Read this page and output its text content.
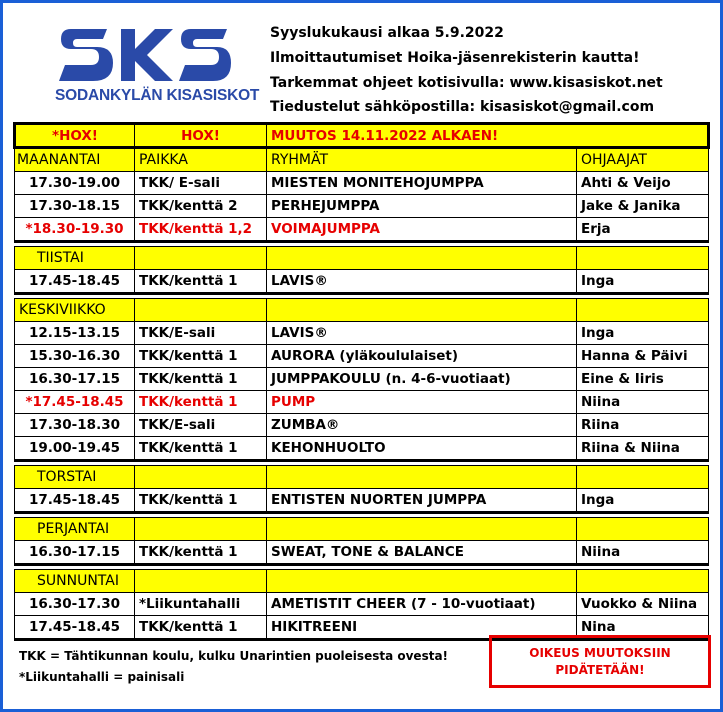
SODANKYLÄN KISASISKOT
Syyslukukausi alkaa 5.9.2022
Ilmoittautumiset Hoika-jäsenrekisterin kautta!
Tarkemmat ohjeet kotisivulla: www.kisasiskot.net
Tiedustelut sähköpostilla: kisasiskot@gmail.com
*HOX!	HOX!	MUUTOS 14.11.2022 ALKAEN!	
MAANANTAI	PAIKKA	RYHMÄT	OHJAAJAT
17.30-19.00	TKK/ E-sali	MIESTEN MONITEHOJUMPPA	Ahti & Veijo
17.30-18.15	TKK/kenttä 2	PERHEJUMPPA	Jake & Janika
*18.30-19.30	TKK/kenttä 1,2	VOIMAJUMPPA	Erja

TIISTAI			
17.45-18.45	TKK/kenttä 1	LAVIS®	Inga

KESKIVIIKKO			
12.15-13.15	TKK/E-sali	LAVIS®	Inga
15.30-16.30	TKK/kenttä 1	AURORA (yläkoululaiset)	Hanna & Päivi
16.30-17.15	TKK/kenttä 1	JUMPPAKOULU (n. 4-6-vuotiaat)	Eine & Iiris
*17.45-18.45	TKK/kenttä 1	PUMP	Niina
17.30-18.30	TKK/E-sali	ZUMBA®	Riina
19.00-19.45	TKK/kenttä 1	KEHONHUOLTO	Riina & Niina

TORSTAI			
17.45-18.45	TKK/kenttä 1	ENTISTEN NUORTEN JUMPPA	Inga

PERJANTAI			
16.30-17.15	TKK/kenttä 1	SWEAT, TONE & BALANCE	Niina

SUNNUNTAI			
16.30-17.30	*Liikuntahalli	AMETISTIT CHEER (7 - 10-vuotiaat)	Vuokko & Niina
17.45-18.45	TKK/kenttä 1	HIKITREENI	Nina
TKK = Tähtikunnan koulu, kulku Unarintien puoleisesta ovesta!
*Liikuntahalli = painisali
OIKEUS MUUTOKSIIN
PIDÄTETÄÄN!
